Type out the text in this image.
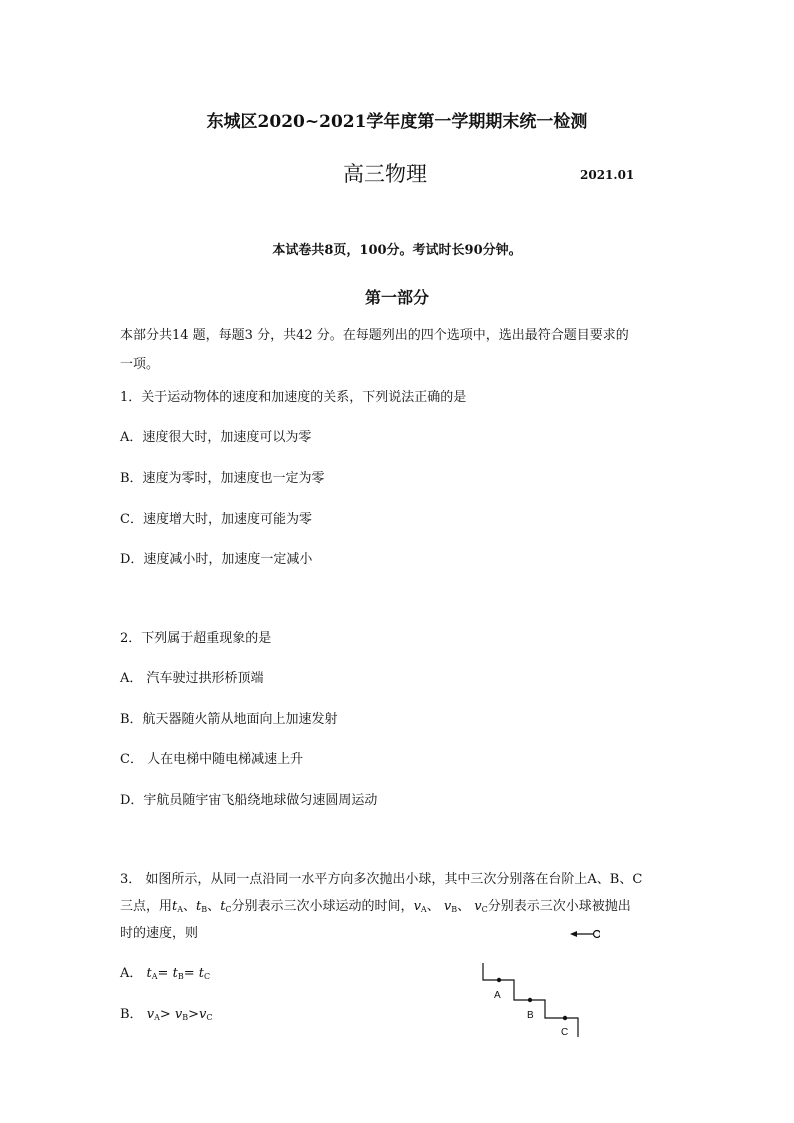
东城区2020~2021学年度第一学期期末统一检测
高三物理	2021.01
本试卷共8页，100分。考试时长90分钟。
第一部分
本部分共14 题，每题3 分，共42 分。在每题列出的四个选项中，选出最符合题目要求的
一项。
1．关于运动物体的速度和加速度的关系，下列说法正确的是
A．速度很大时，加速度可以为零
B．速度为零时，加速度也一定为零
C．速度增大时，加速度可能为零
D．速度减小时，加速度一定减小
2．下列属于超重现象的是
A． 汽车驶过拱形桥顶端
B．航天器随火箭从地面向上加速发射
C． 人在电梯中随电梯减速上升
D．宇航员随宇宙飞船绕地球做匀速圆周运动
3． 如图所示，从同一点沿同一水平方向多次抛出小球，其中三次分别落在台阶上A、B、C
三点，用$t_A$、$t_B$、$t_C$分别表示三次小球运动的时间，$v_A$、 $v_B$、 $v_C$分别表示三次小球被抛出
时的速度，则
A． $t_A= t_B= t_C$
B． $v_A> v_B>v_C$
A
B
C
